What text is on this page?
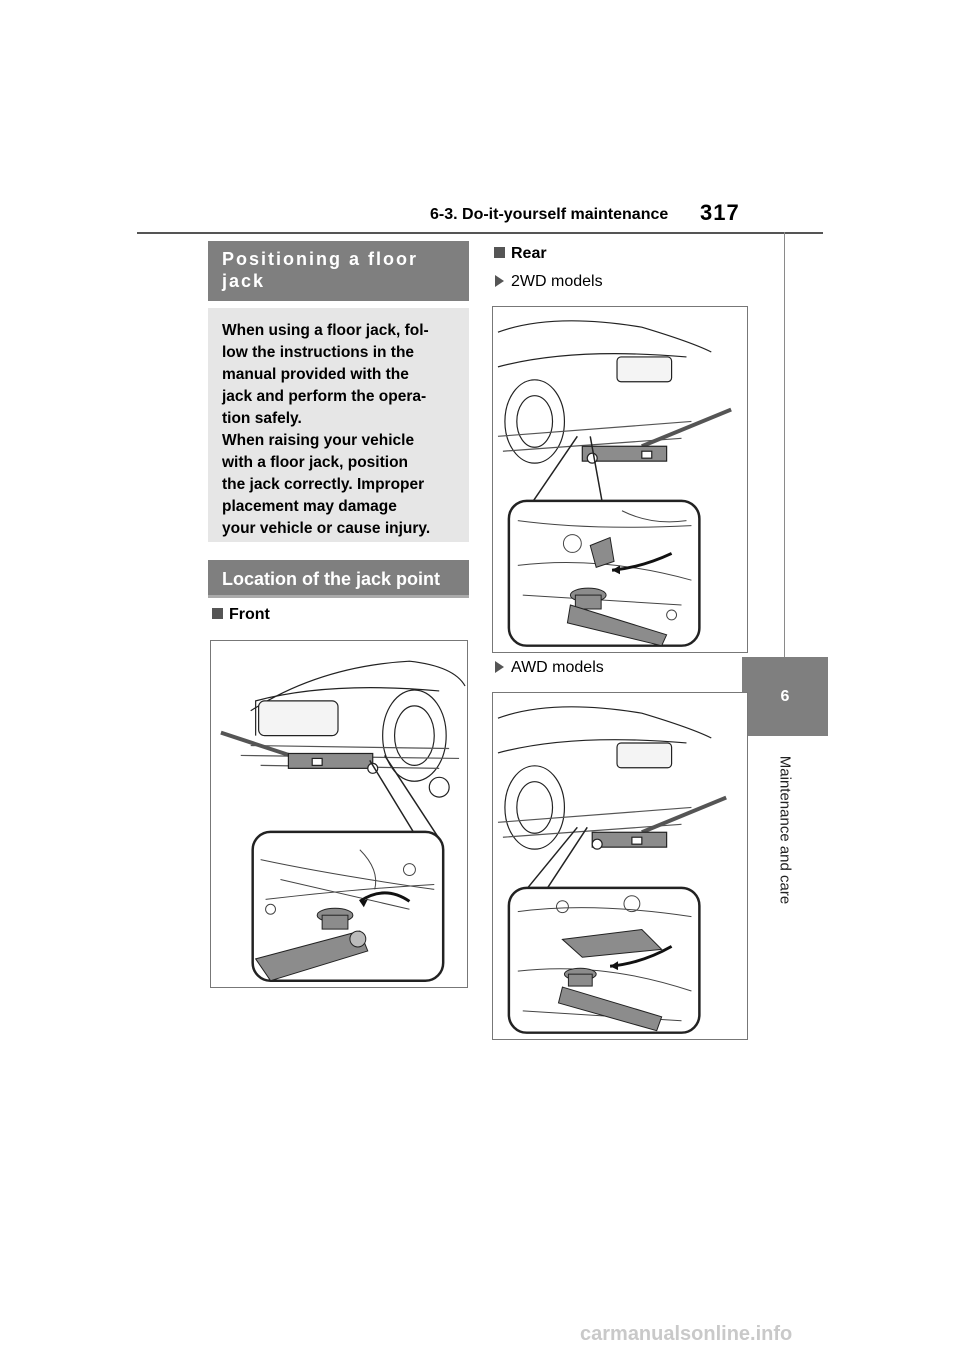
6-3. Do-it-yourself maintenance 317
6
Maintenance and care
Positioning a floor jack

When using a floor jack, fol-

low the instructions in the

manual provided with the

jack and perform the opera-

tion safely.

When raising your vehicle

with a floor jack, position

the jack correctly. Improper

placement may damage

your vehicle or cause injury.

Location of the jack point
Front
Rear
2WD models
AWD models
carmanualsonline.info
